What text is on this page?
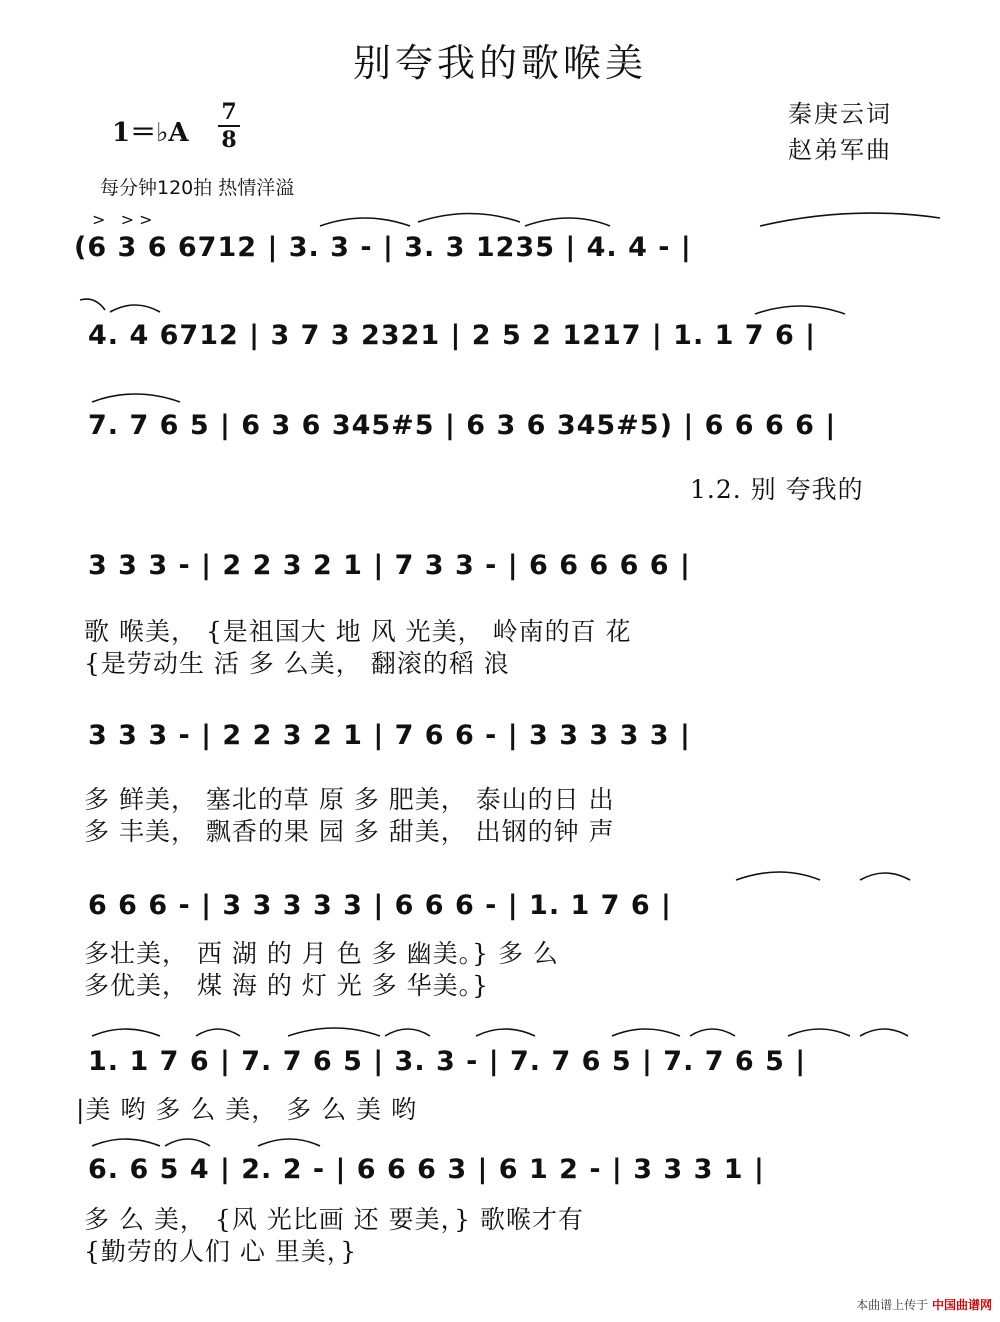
别夸我的歌喉美
1＝♭A
7
8
秦庚云词
赵弟军曲
每分钟120拍 热情洋溢
>   > >
(6 3 6 6712 | 3. 3 - | 3. 3 1235 | 4. 4 - |
4. 4 6712 | 3 7 3 2321 | 2 5 2 1217 | 1. 1 7 6 |
7. 7 6 5 | 6 3 6 345#5 | 6 3 6 345#5) | 6 6 6 6 |
1.2. 别 夸我的
3 3 3 - | 2 2 3 2 1 | 7 3 3 - | 6 6 6 6 6 |
歌 喉美， {是祖国大 地 风 光美， 岭南的百 花
{是劳动生 活 多 么美， 翻滚的稻 浪
3 3 3 - | 2 2 3 2 1 | 7 6 6 - | 3 3 3 3 3 |
多 鲜美， 塞北的草 原 多 肥美， 泰山的日 出
多 丰美， 飘香的果 园 多 甜美， 出钢的钟 声
6 6 6 - | 3 3 3 3 3 | 6 6 6 - | 1. 1 7 6 |
多壮美， 西 湖 的 月 色 多 幽美。} 多 么
多优美， 煤 海 的 灯 光 多 华美。}
1. 1 7 6 | 7. 7 6 5 | 3. 3 - | 7. 7 6 5 | 7. 7 6 5 |
|美 哟 多 么 美， 多 么 美 哟
6. 6 5 4 | 2. 2 - | 6 6 6 3 | 6 1 2 - | 3 3 3 1 |
多 么 美， {风 光比画 还 要美，} 歌喉才有
{勤劳的人们 心 里美，}
本曲谱上传于 中国曲谱网
